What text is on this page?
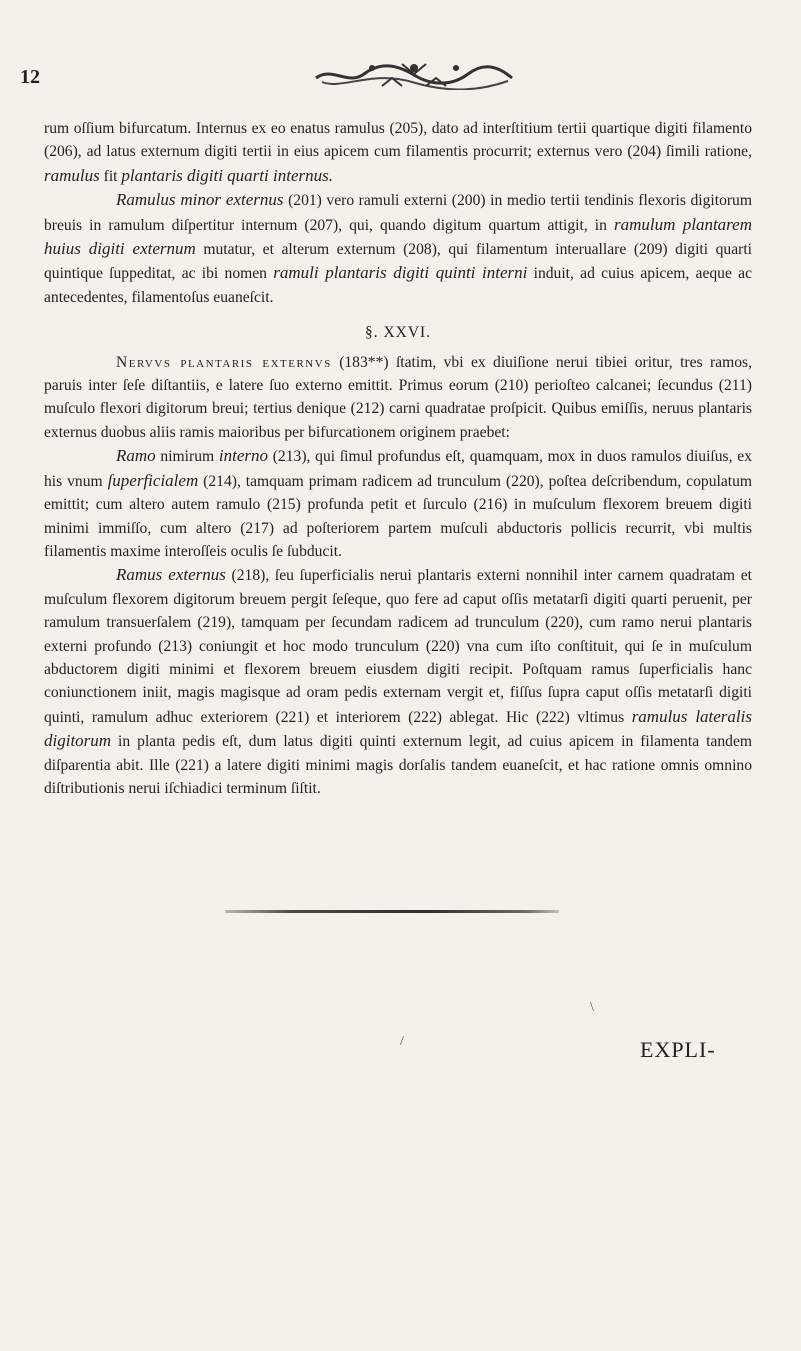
12

rum oſſium bifurcatum. Internus ex eo enatus ramulus (205), dato ad interſtitium tertii quartique digiti filamento (206), ad latus externum digiti tertii in eius apicem cum filamentis procurrit; externus vero (204) ſimili ratione, ramulus fit plantaris digiti quarti internus.

Ramulus minor externus (201) vero ramuli externi (200) in medio tertii tendinis flexoris digitorum breuis in ramulum diſpertitur internum (207), qui, quando digitum quartum attigit, in ramulum plantarem huius digiti externum mutatur, et alterum externum (208), qui filamentum interuallare (209) digiti quarti quintique ſuppeditat, ac ibi nomen ramuli plantaris digiti quinti interni induit, ad cuius apicem, aeque ac antecedentes, filamentoſus euaneſcit.

§. XXVI.

Nervvs plantaris externvs (183**) ſtatim, vbi ex diuiſione nerui tibiei oritur, tres ramos, paruis inter ſeſe diſtantiis, e latere ſuo externo emittit. Primus eorum (210) perioſteo calcanei; ſecundus (211) muſculo flexori digitorum breui; tertius denique (212) carni quadratae proſpicit. Quibus emiſſis, neruus plantaris externus duobus aliis ramis maioribus per bifurcationem originem praebet:

Ramo nimirum interno (213), qui ſimul profundus eſt, quamquam, mox in duos ramulos diuiſus, ex his vnum ſuperficialem (214), tamquam primam radicem ad trunculum (220), poſtea deſcribendum, copulatum emittit; cum altero autem ramulo (215) profunda petit et ſurculo (216) in muſculum flexorem breuem digiti minimi immiſſo, cum altero (217) ad poſteriorem partem muſculi abductoris pollicis recurrit, vbi multis filamentis maxime interoſſeis oculis ſe ſubducit.

Ramus externus (218), ſeu ſuperficialis nerui plantaris externi nonnihil inter carnem quadratam et muſculum flexorem digitorum breuem pergit ſeſeque, quo fere ad caput oſſis metatarſi digiti quarti peruenit, per ramulum transuerſalem (219), tamquam per ſecundam radicem ad trunculum (220), cum ramo nerui plantaris externi profundo (213) coniungit et hoc modo trunculum (220) vna cum iſto conſtituit, qui ſe in muſculum abductorem digiti minimi et flexorem breuem eiusdem digiti recipit. Poſtquam ramus ſuperficialis hanc coniunctionem iniit, magis magisque ad oram pedis externam vergit et, fiſſus ſupra caput oſſis metatarſi digiti quinti, ramulum adhuc exteriorem (221) et interiorem (222) ablegat. Hic (222) vltimus ramulus lateralis digitorum in planta pedis eſt, dum latus digiti quinti externum legit, ad cuius apicem in filamenta tandem diſparentia abit. Ille (221) a latere digiti minimi magis dorſalis tandem euaneſcit, et hac ratione omnis omnino diſtributionis nerui iſchiadici terminum ſiſtit.

/
\
EXPLI-
